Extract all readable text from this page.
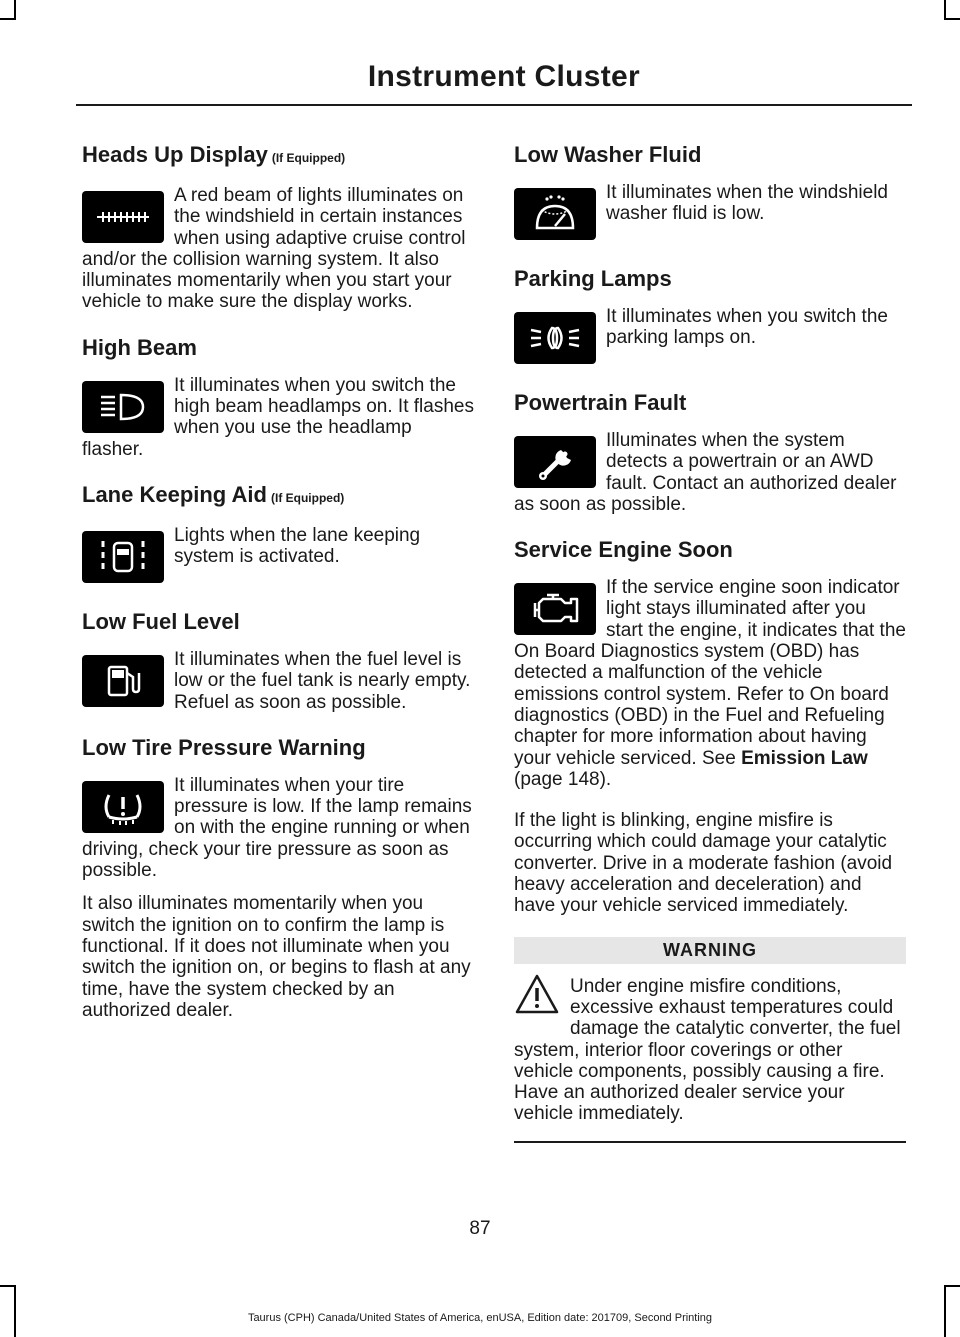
Instrument Cluster
Heads Up Display (If Equipped)

A red beam of lights illuminates on the windshield in certain instances when using adaptive cruise control and/or the collision warning system. It also illuminates momentarily when you start your vehicle to make sure the display works.

High Beam

It illuminates when you switch the high beam headlamps on. It flashes when you use the headlamp flasher.

Lane Keeping Aid (If Equipped)

Lights when the lane keeping system is activated.

Low Fuel Level

It illuminates when the fuel level is low or the fuel tank is nearly empty. Refuel as soon as possible.

Low Tire Pressure Warning

It illuminates when your tire pressure is low. If the lamp remains on with the engine running or when driving, check your tire pressure as soon as possible.

It also illuminates momentarily when you switch the ignition on to confirm the lamp is functional. If it does not illuminate when you switch the ignition on, or begins to flash at any time, have the system checked by an authorized dealer.

Low Washer Fluid

It illuminates when the windshield washer fluid is low.

Parking Lamps

It illuminates when you switch the parking lamps on.

Powertrain Fault

Illuminates when the system detects a powertrain or an AWD fault. Contact an authorized dealer as soon as possible.

Service Engine Soon

If the service engine soon indicator light stays illuminated after you start the engine, it indicates that the On Board Diagnostics system (OBD) has detected a malfunction of the vehicle emissions control system. Refer to On board diagnostics (OBD) in the Fuel and Refueling chapter for more information about having your vehicle serviced. See Emission Law (page 148).

If the light is blinking, engine misfire is occurring which could damage your catalytic converter. Drive in a moderate fashion (avoid heavy acceleration and deceleration) and have your vehicle serviced immediately.

WARNING

Under engine misfire conditions, excessive exhaust temperatures could damage the catalytic converter, the fuel system, interior floor coverings or other vehicle components, possibly causing a fire. Have an authorized dealer service your vehicle immediately.

87
Taurus (CPH) Canada/United States of America, enUSA, Edition date: 201709, Second Printing
